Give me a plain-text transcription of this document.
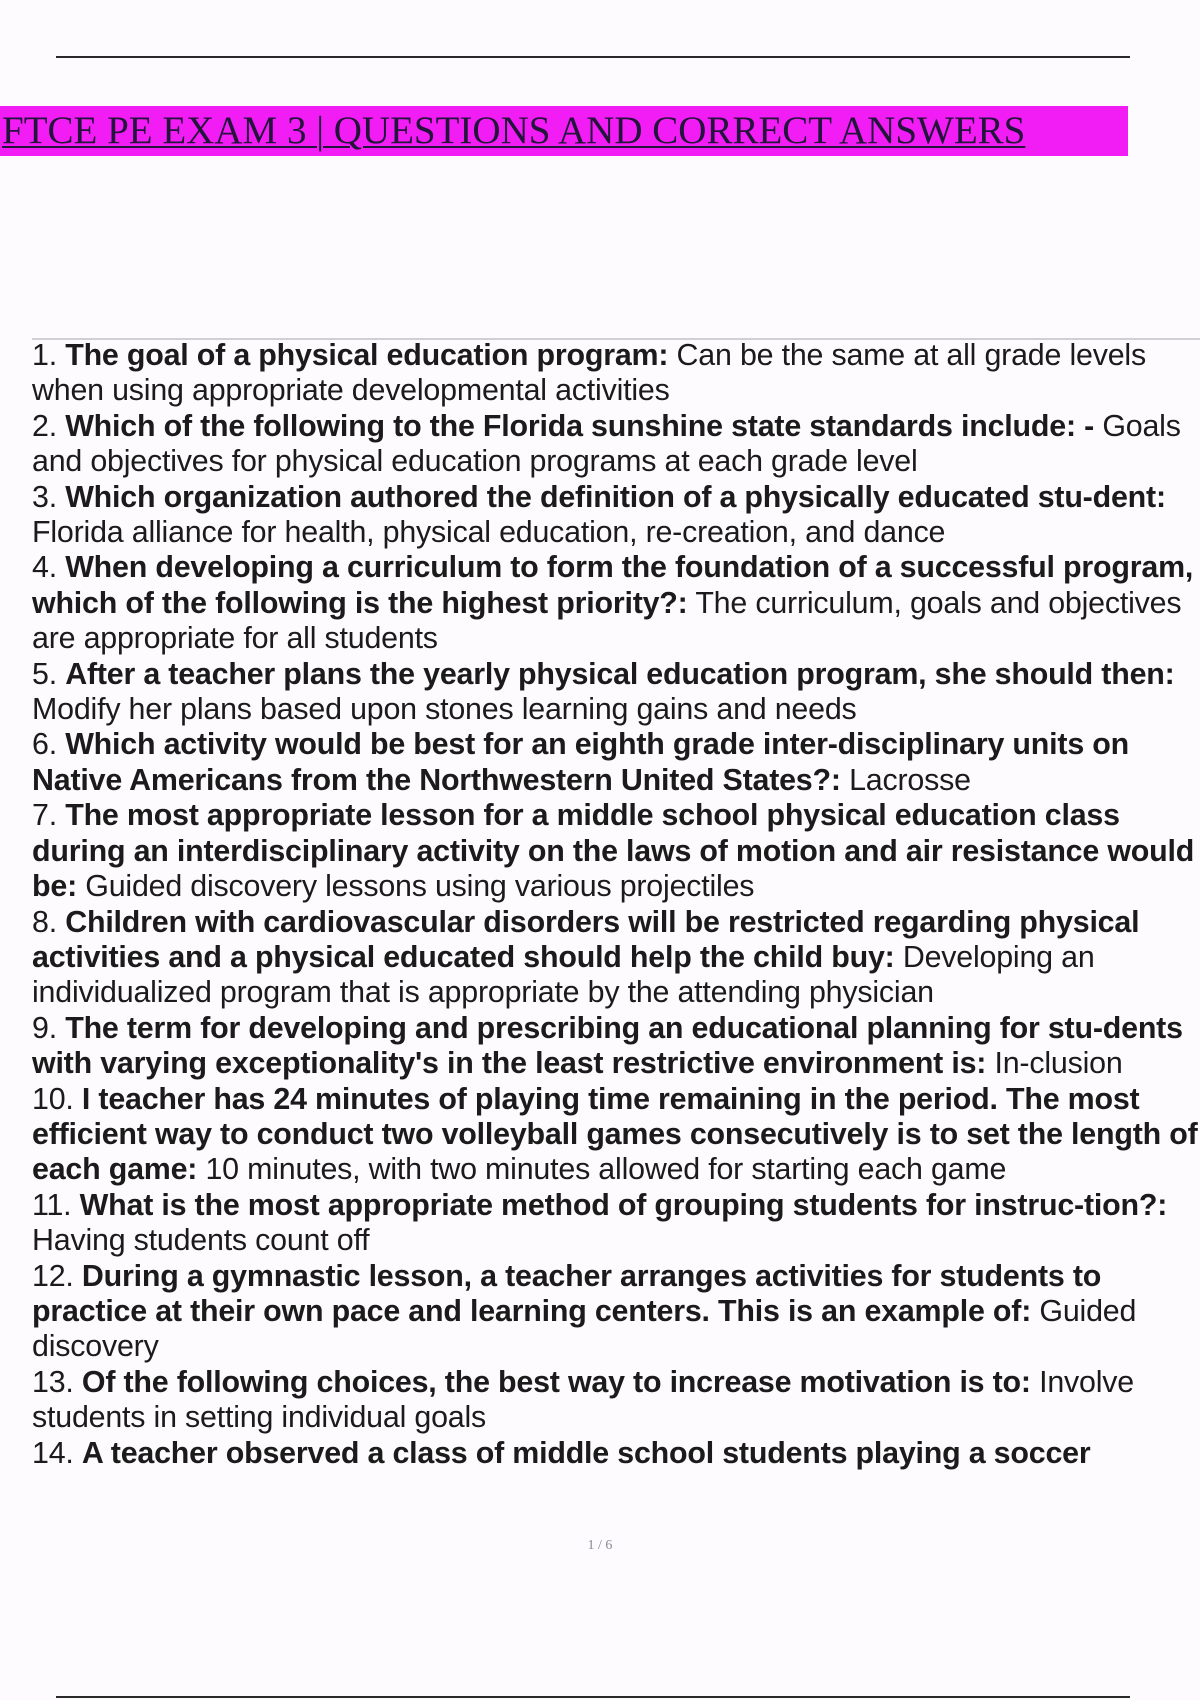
FTCE PE EXAM 3 | QUESTIONS AND CORRECT ANSWERS

1. The goal of a physical education program: Can be the same at all grade levels when using appropriate developmental activities

2. Which of the following to the Florida sunshine state standards include: - Goals and objectives for physical education programs at each grade level

3. Which organization authored the definition of a physically educated stu-dent: Florida alliance for health, physical education, re-creation, and dance

4. When developing a curriculum to form the foundation of a successful program, which of the following is the highest priority?: The curriculum, goals and objectives are appropriate for all students

5. After a teacher plans the yearly physical education program, she should then: Modify her plans based upon stones learning gains and needs

6. Which activity would be best for an eighth grade inter-disciplinary units on Native Americans from the Northwestern United States?: Lacrosse

7. The most appropriate lesson for a middle school physical education class during an interdisciplinary activity on the laws of motion and air resistance would be: Guided discovery lessons using various projectiles

8. Children with cardiovascular disorders will be restricted regarding physical activities and a physical educated should help the child buy: Developing an individualized program that is appropriate by the attending physician

9. The term for developing and prescribing an educational planning for stu-dents with varying exceptionality's in the least restrictive environment is: In-clusion

10. I teacher has 24 minutes of playing time remaining in the period. The most efficient way to conduct two volleyball games consecutively is to set the length of each game: 10 minutes, with two minutes allowed for starting each game

11. What is the most appropriate method of grouping students for instruc-tion?: Having students count off

12. During a gymnastic lesson, a teacher arranges activities for students to practice at their own pace and learning centers. This is an example of: Guided discovery

13. Of the following choices, the best way to increase motivation is to: Involve students in setting individual goals

14. A teacher observed a class of middle school students playing a soccer

1 / 6
